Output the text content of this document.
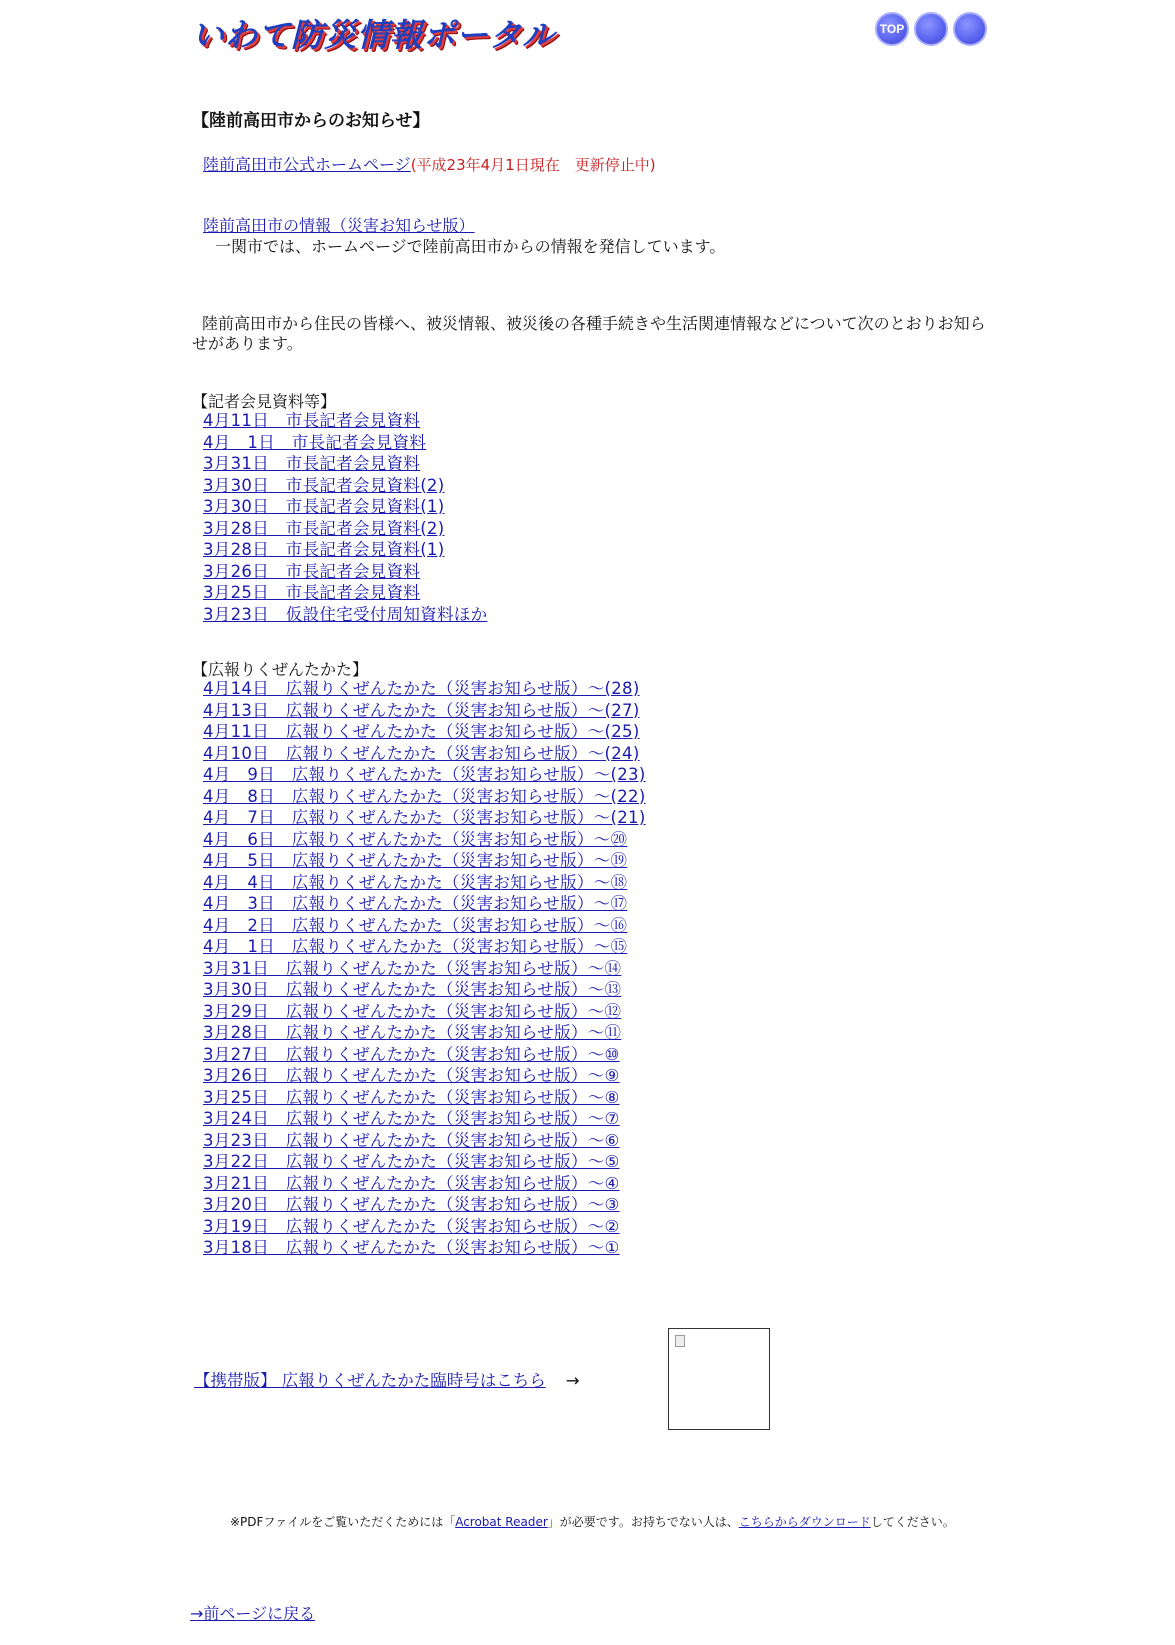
いわて防災情報ポータル	TOP
【陸前高田市からのお知らせ】
陸前高田市公式ホームページ(平成23年4月1日現在　更新停止中)
陸前高田市の情報（災害お知らせ版）
一関市では、ホームページで陸前高田市からの情報を発信しています。
陸前高田市から住民の皆様へ、被災情報、被災後の各種手続きや生活関連情報などについて次のとおりお知らせがあります。
【記者会見資料等】
4月11日　市長記者会見資料
4月　1日　市長記者会見資料
3月31日　市長記者会見資料
3月30日　市長記者会見資料(2)
3月30日　市長記者会見資料(1)
3月28日　市長記者会見資料(2)
3月28日　市長記者会見資料(1)
3月26日　市長記者会見資料
3月25日　市長記者会見資料
3月23日　仮設住宅受付周知資料ほか
【広報りくぜんたかた】
4月14日　広報りくぜんたかた（災害お知らせ版）～(28)
4月13日　広報りくぜんたかた（災害お知らせ版）～(27)
4月11日　広報りくぜんたかた（災害お知らせ版）～(25)
4月10日　広報りくぜんたかた（災害お知らせ版）～(24)
4月　9日　広報りくぜんたかた（災害お知らせ版）～(23)
4月　8日　広報りくぜんたかた（災害お知らせ版）～(22)
4月　7日　広報りくぜんたかた（災害お知らせ版）～(21)
4月　6日　広報りくぜんたかた（災害お知らせ版）～⑳
4月　5日　広報りくぜんたかた（災害お知らせ版）～⑲
4月　4日　広報りくぜんたかた（災害お知らせ版）～⑱
4月　3日　広報りくぜんたかた（災害お知らせ版）～⑰
4月　2日　広報りくぜんたかた（災害お知らせ版）～⑯
4月　1日　広報りくぜんたかた（災害お知らせ版）～⑮
3月31日　広報りくぜんたかた（災害お知らせ版）～⑭
3月30日　広報りくぜんたかた（災害お知らせ版）～⑬
3月29日　広報りくぜんたかた（災害お知らせ版）～⑫
3月28日　広報りくぜんたかた（災害お知らせ版）～⑪
3月27日　広報りくぜんたかた（災害お知らせ版）～⑩
3月26日　広報りくぜんたかた（災害お知らせ版）～⑨
3月25日　広報りくぜんたかた（災害お知らせ版）～⑧
3月24日　広報りくぜんたかた（災害お知らせ版）～⑦
3月23日　広報りくぜんたかた（災害お知らせ版）～⑥
3月22日　広報りくぜんたかた（災害お知らせ版）～⑤
3月21日　広報りくぜんたかた（災害お知らせ版）～④
3月20日　広報りくぜんたかた（災害お知らせ版）～③
3月19日　広報りくぜんたかた（災害お知らせ版）～②
3月18日　広報りくぜんたかた（災害お知らせ版）～①
【携帯版】 広報りくぜんたかた臨時号はこちら →
※PDFファイルをご覧いただくためには「Acrobat Reader」が必要です。お持ちでない人は、こちらからダウンロードしてください。
→前ページに戻る
